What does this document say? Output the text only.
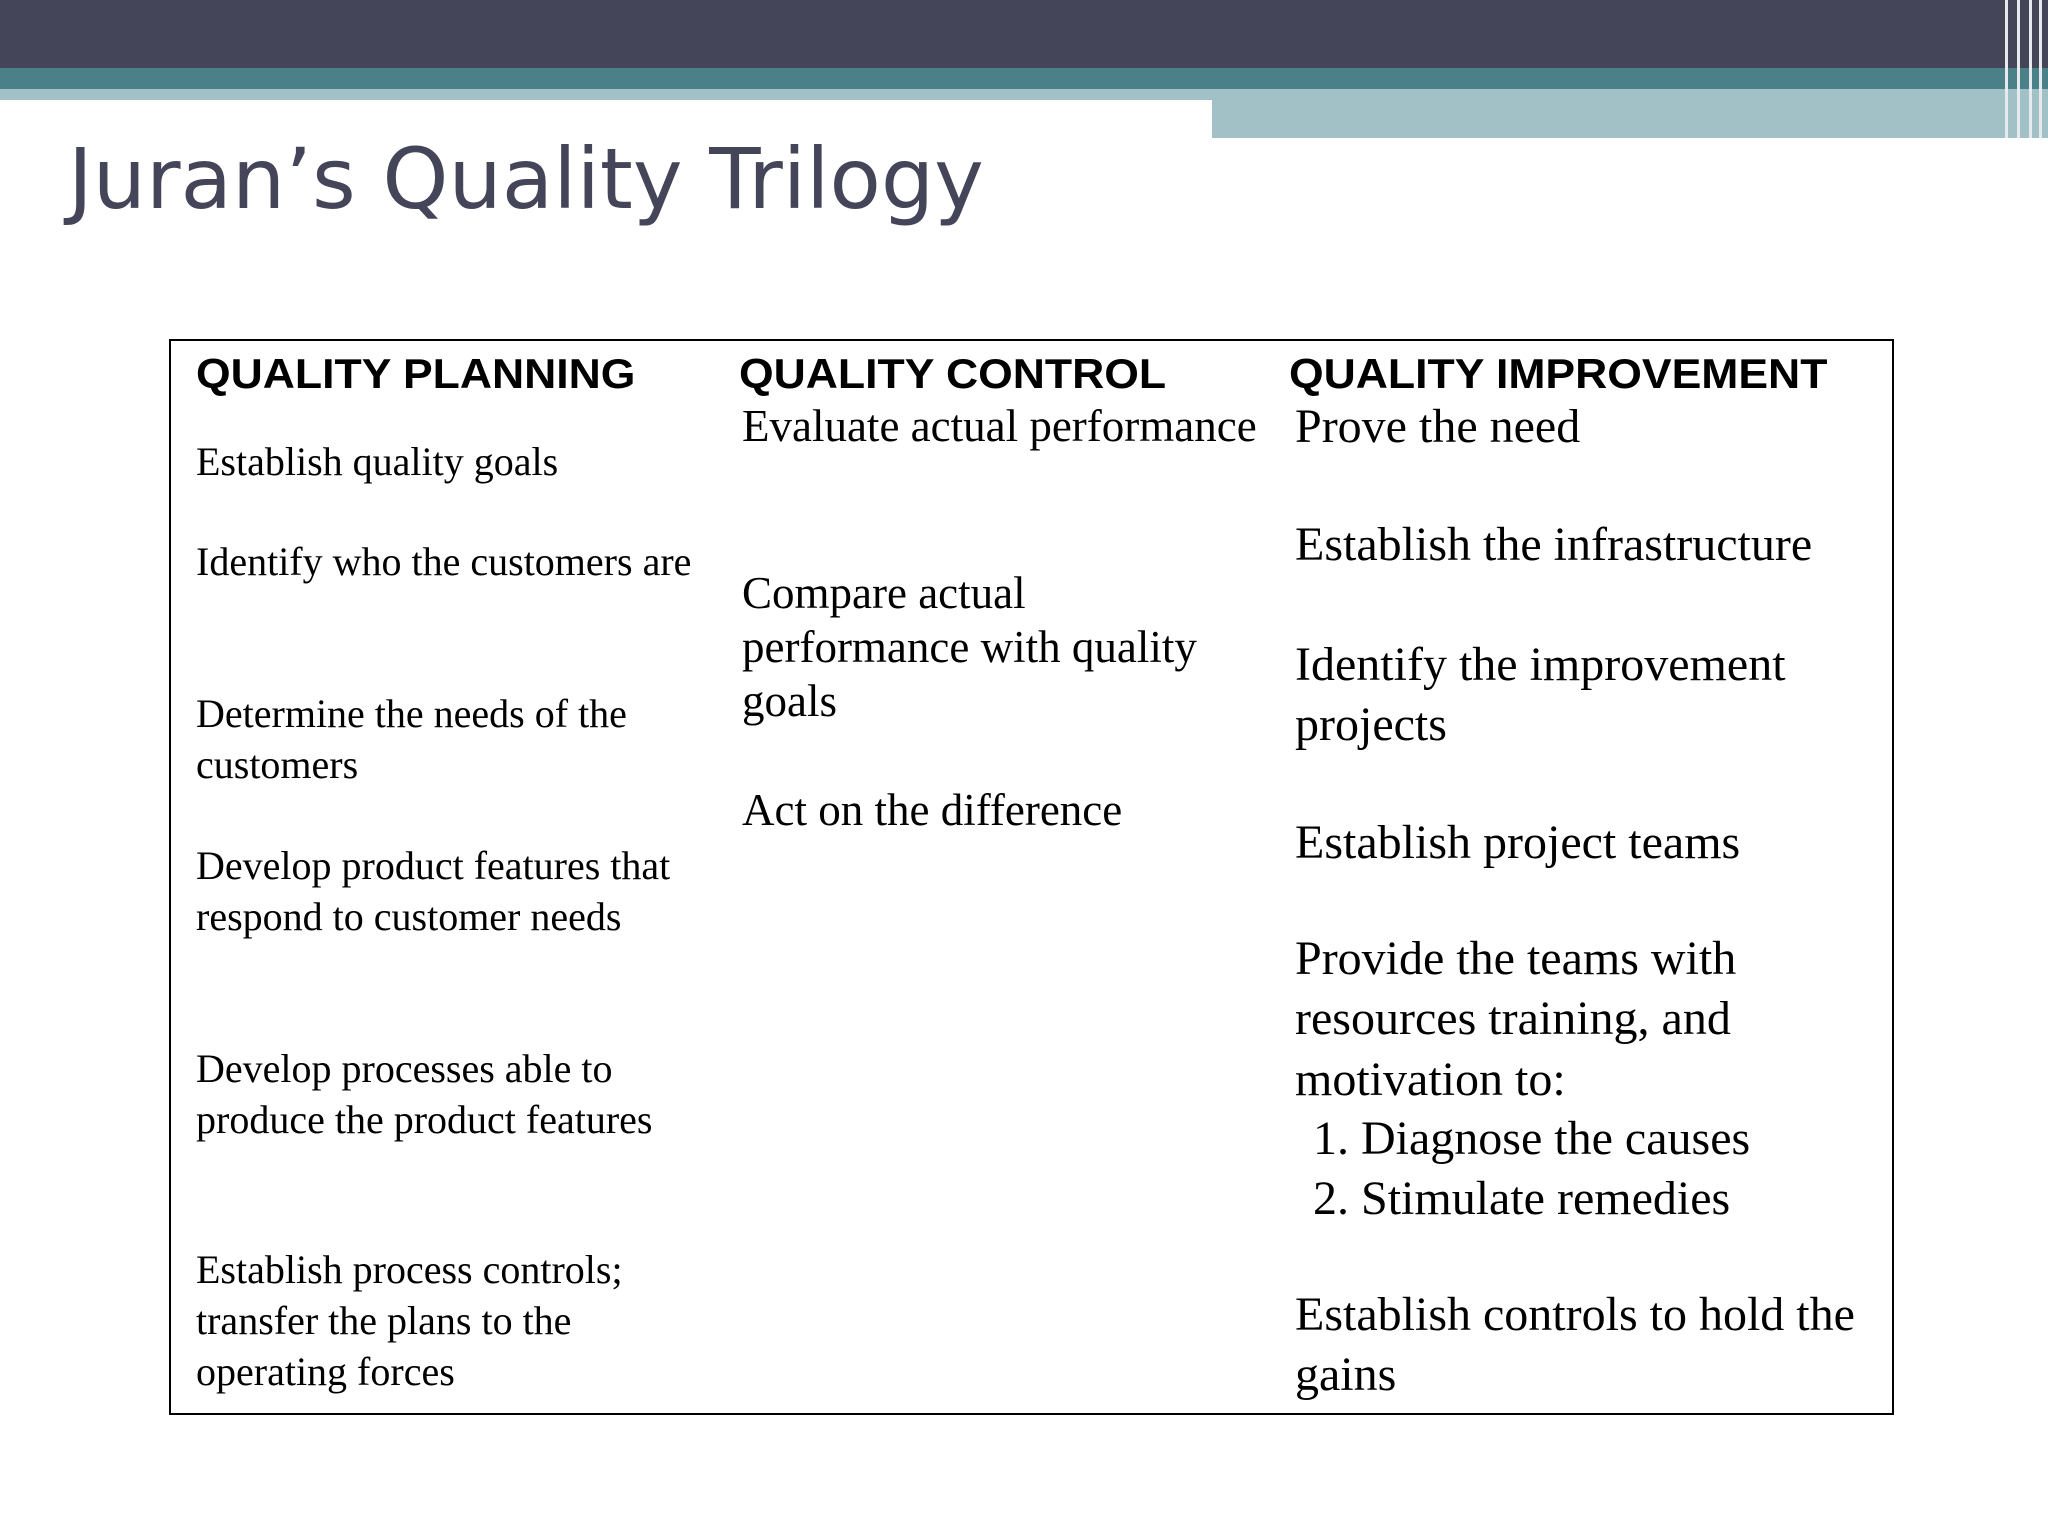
Juran’s Quality Trilogy
QUALITY PLANNING
Establish quality goals
Identify who the customers are
Determine the needs of the customers
Develop product features that respond to customer needs
Develop processes able to produce the product features
Establish process controls; transfer the plans to the operating forces
QUALITY CONTROL
Evaluate actual performance
Compare actual performance with quality goals
Act on the difference
QUALITY IMPROVEMENT
Prove the need
Establish the infrastructure
Identify the improvement projects
Establish project teams
Provide the teams with resources training, and motivation to:
1. Diagnose the causes
2. Stimulate remedies
Establish controls to hold the gains
